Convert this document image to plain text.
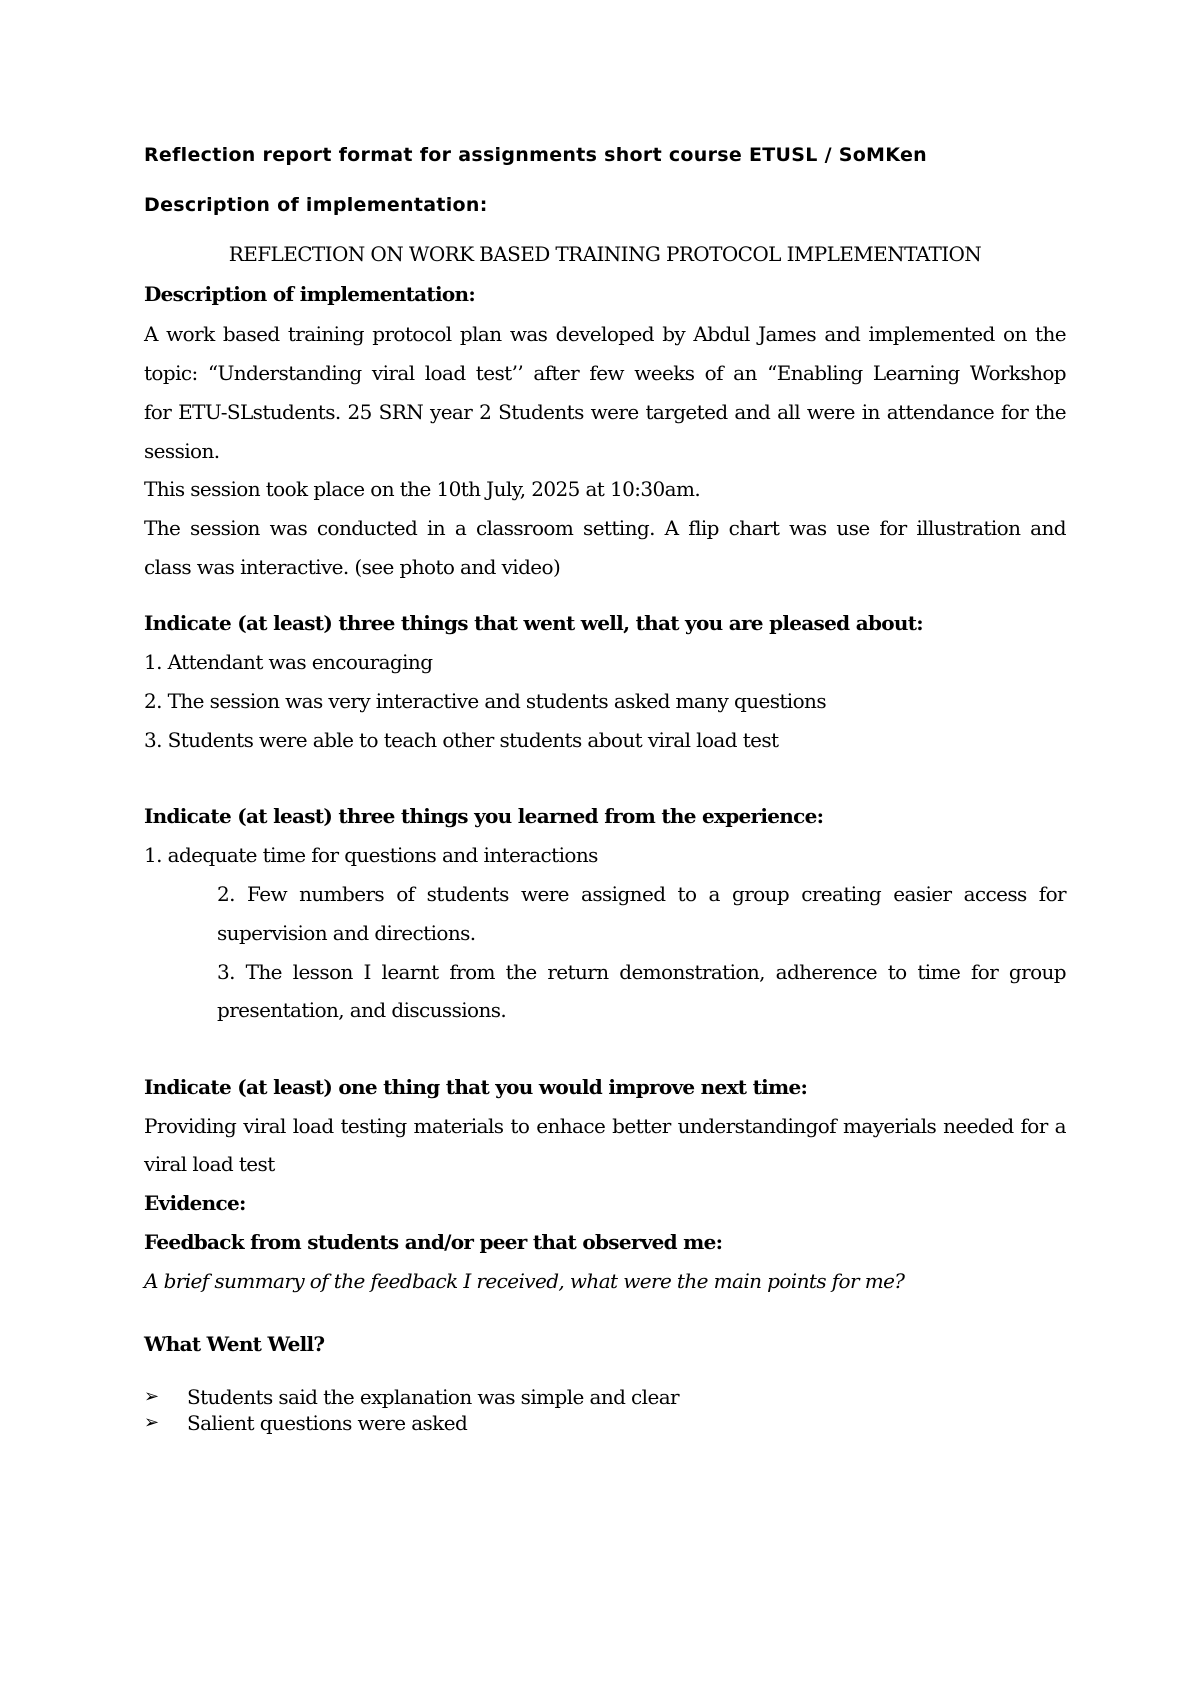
Reflection report format for assignments short course ETUSL / SoMKen
Description of implementation:
REFLECTION ON WORK BASED TRAINING PROTOCOL IMPLEMENTATION
Description of implementation:
A work based training protocol plan was developed by Abdul James and implemented on the
topic: “Understanding viral load test’’ after few weeks of an “Enabling Learning Workshop
for ETU-SLstudents. 25 SRN year 2 Students were targeted and all were in attendance for the
session.
This session took place on the 10th July, 2025 at 10:30am.
The session was conducted in a classroom setting. A flip chart was use for illustration and
class was interactive. (see photo and video)
Indicate (at least) three things that went well, that you are pleased about:
1. Attendant was encouraging
2. The session was very interactive and students asked many questions
3. Students were able to teach other students about viral load test
Indicate (at least) three things you learned from the experience:
1. adequate time for questions and interactions
2. Few numbers of students were assigned to a group creating easier access for
supervision and directions.
3. The lesson I learnt from the return demonstration, adherence to time for group
presentation, and discussions.
Indicate (at least) one thing that you would improve next time:
Providing viral load testing materials to enhace better understandingof mayerials needed for a
viral load test
Evidence:
Feedback from students and/or peer that observed me:
A brief summary of the feedback I received, what were the main points for me?
What Went Well?
➢ Students said the explanation was simple and clear
➢ Salient questions were asked
